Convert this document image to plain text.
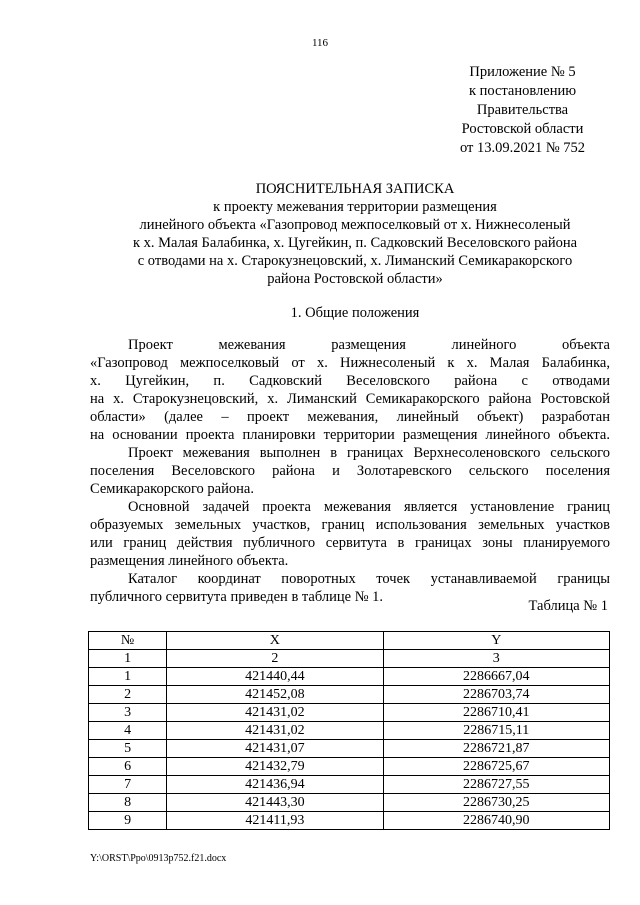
116
Приложение № 5
к постановлению
Правительства
Ростовской области
от 13.09.2021 № 752
ПОЯСНИТЕЛЬНАЯ ЗАПИСКА
к проекту межевания территории размещения
линейного объекта «Газопровод межпоселковый от х. Нижнесоленый
к х. Малая Балабинка, х. Цугейкин, п. Садковский Веселовского района
с отводами на х. Старокузнецовский, х. Лиманский Семикаракорского
района Ростовской области»
1. Общие положения
Проект межевания размещения линейного объекта
«Газопровод межпоселковый от х. Нижнесоленый к х. Малая Балабинка,
х. Цугейкин, п. Садковский Веселовского района с отводами
на х. Старокузнецовский, х. Лиманский Семикаракорского района Ростовской
области» (далее – проект межевания, линейный объект) разработан
на основании проекта планировки территории размещения линейного объекта.
Проект межевания выполнен в границах Верхнесоленовского сельского
поселения Веселовского района и Золотаревского сельского поселения
Семикаракорского района.
Основной задачей проекта межевания является установление границ
образуемых земельных участков, границ использования земельных участков
или границ действия публичного сервитута в границах зоны планируемого
размещения линейного объекта.
Каталог координат поворотных точек устанавливаемой границы
публичного сервитута приведен в таблице № 1.
Таблица № 1
№	X	Y
1	2	3
1	421440,44	2286667,04
2	421452,08	2286703,74
3	421431,02	2286710,41
4	421431,02	2286715,11
5	421431,07	2286721,87
6	421432,79	2286725,67
7	421436,94	2286727,55
8	421443,30	2286730,25
9	421411,93	2286740,90
Y:\ORST\Ppo\0913p752.f21.docx
